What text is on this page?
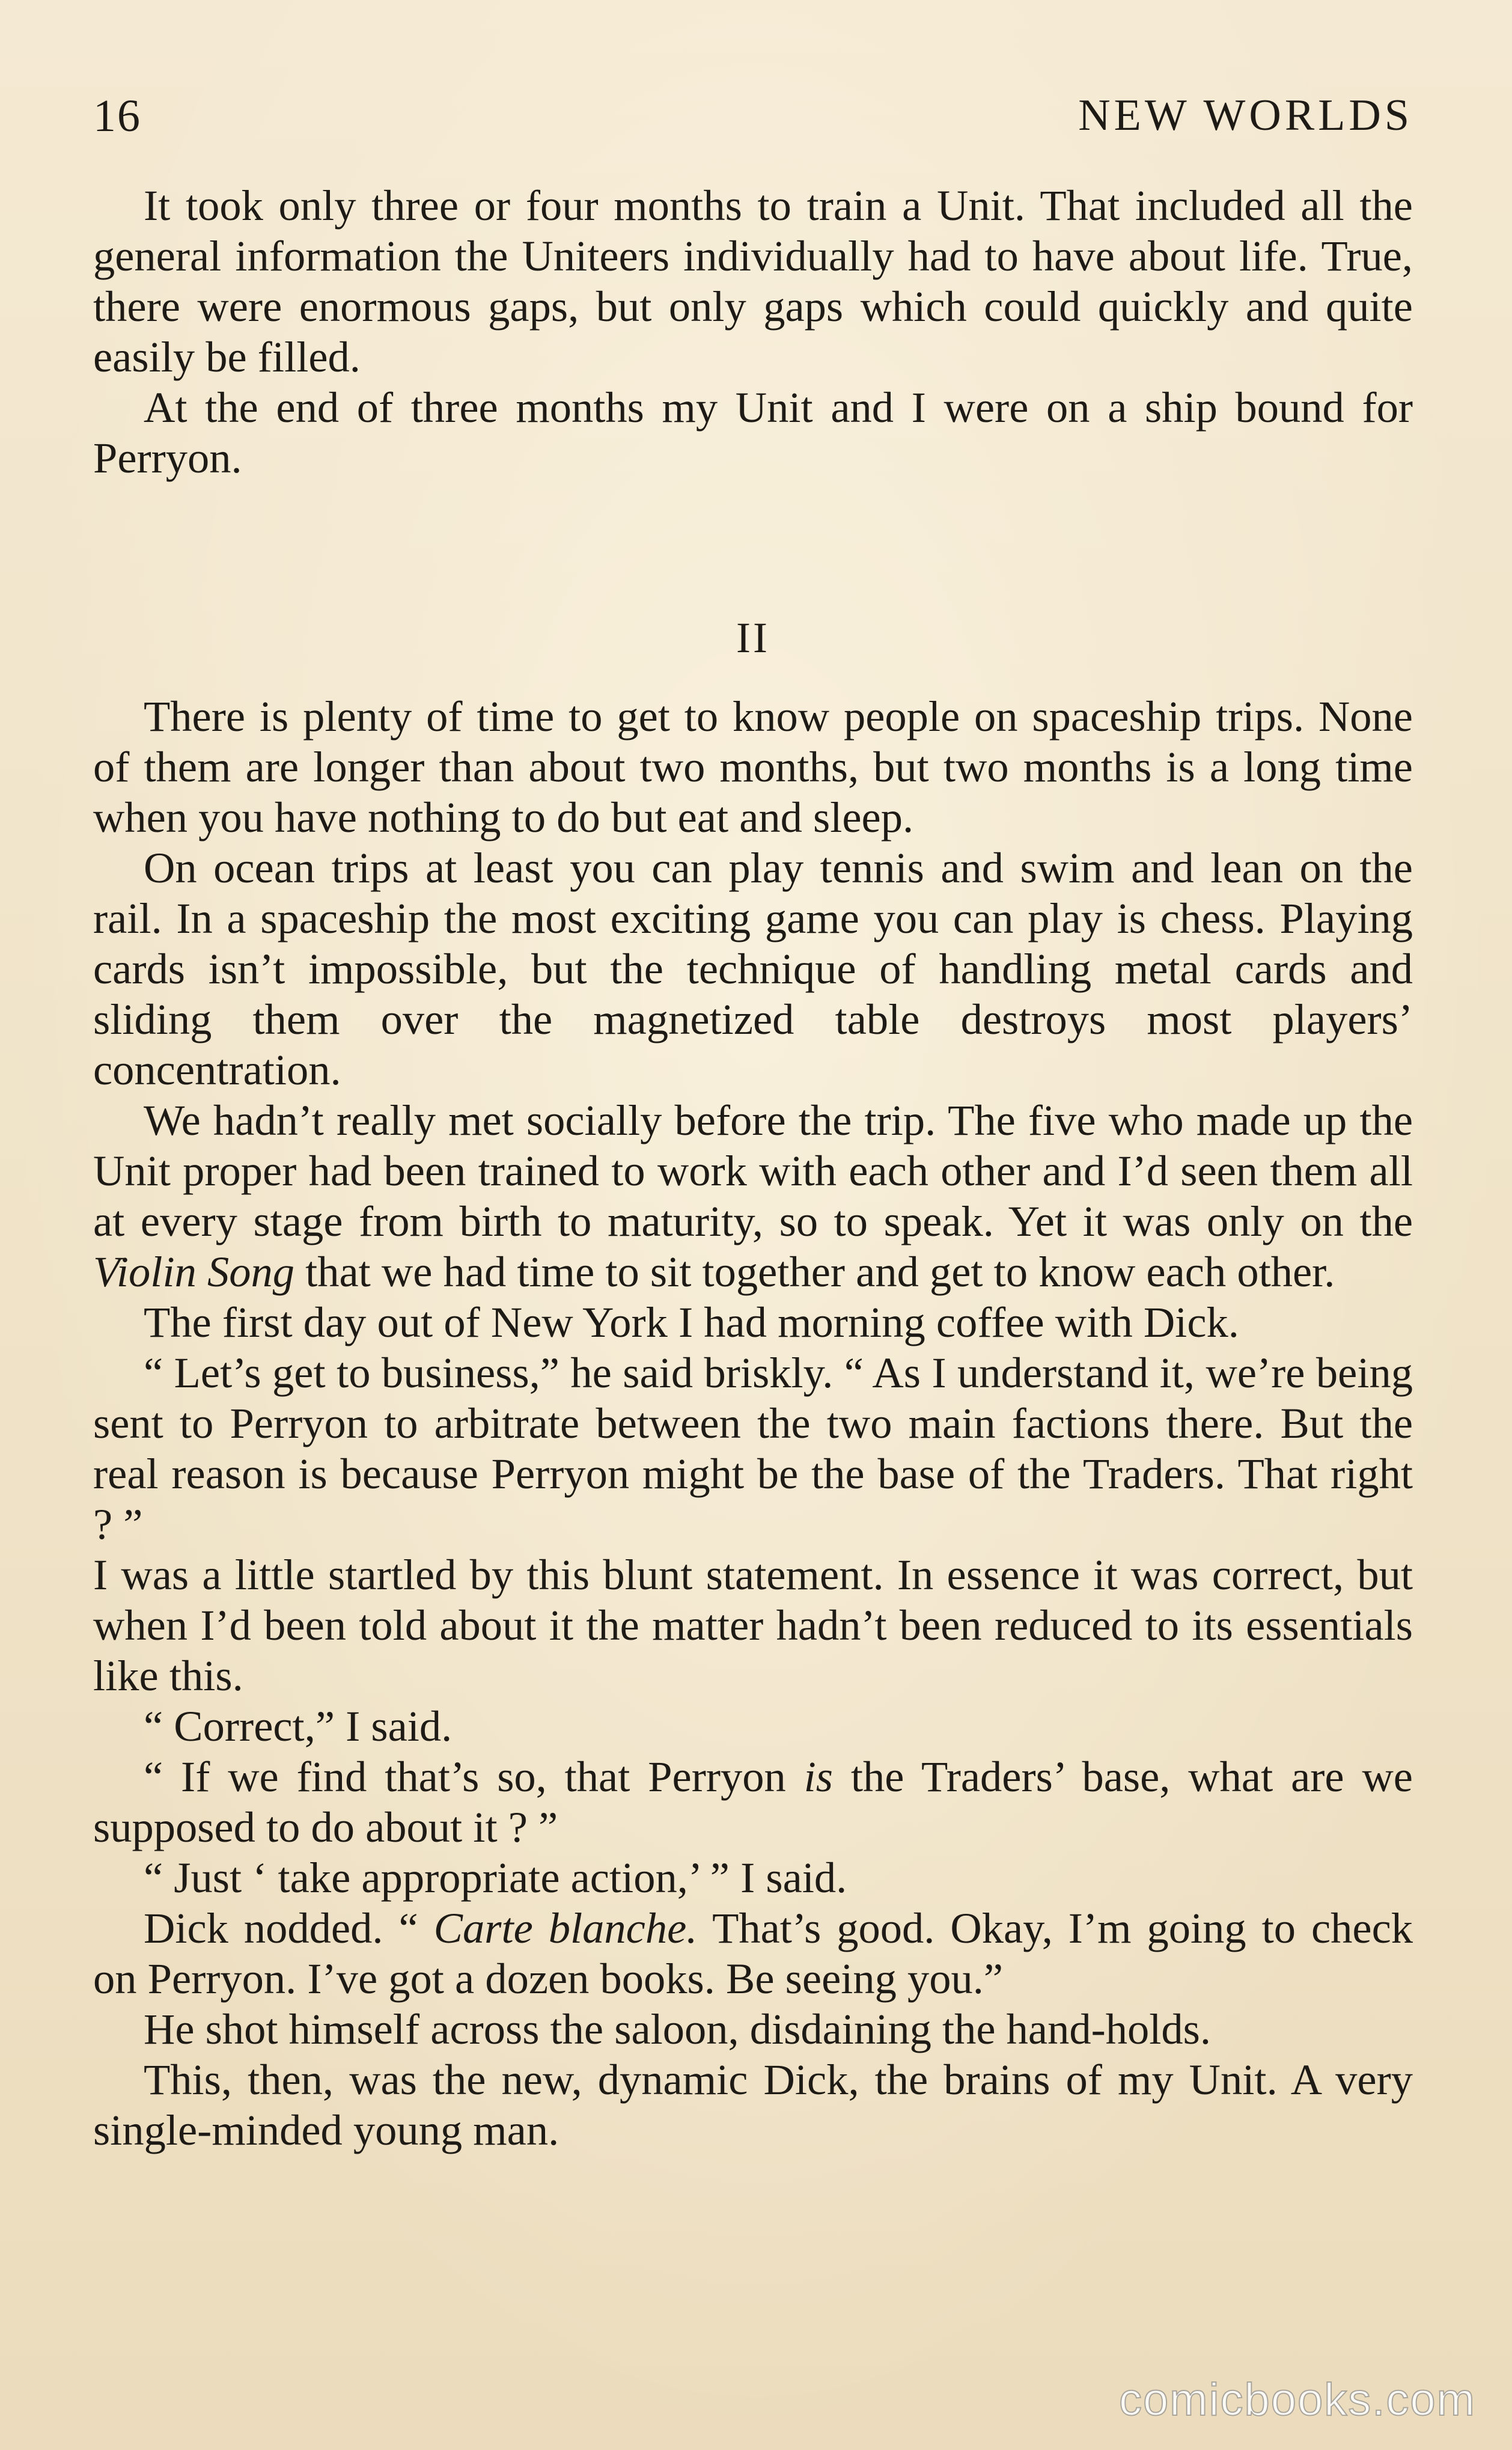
16	NEW WORLDS

It took only three or four months to train a Unit. That included all the general information the Uniteers individually had to have about life. True, there were enormous gaps, but only gaps which could quickly and quite easily be filled.

At the end of three months my Unit and I were on a ship bound for Perryon.

II

There is plenty of time to get to know people on spaceship trips. None of them are longer than about two months, but two months is a long time when you have nothing to do but eat and sleep.

On ocean trips at least you can play tennis and swim and lean on the rail. In a spaceship the most exciting game you can play is chess. Playing cards isn’t impossible, but the technique of handling metal cards and sliding them over the magnetized table destroys most players’ concentration.

We hadn’t really met socially before the trip. The five who made up the Unit proper had been trained to work with each other and I’d seen them all at every stage from birth to maturity, so to speak. Yet it was only on the Violin Song that we had time to sit together and get to know each other.

The first day out of New York I had morning coffee with Dick.

“ Let’s get to business,” he said briskly. “ As I understand it, we’re being sent to Perryon to arbitrate between the two main factions there. But the real reason is because Perryon might be the base of the Traders. That right ? ”

I was a little startled by this blunt statement. In essence it was correct, but when I’d been told about it the matter hadn’t been reduced to its essentials like this.

“ Correct,” I said.

“ If we find that’s so, that Perryon is the Traders’ base, what are we supposed to do about it ? ”

“ Just ‘ take appropriate action,’ ” I said.

Dick nodded. “ Carte blanche. That’s good. Okay, I’m going to check on Perryon. I’ve got a dozen books. Be seeing you.”

He shot himself across the saloon, disdaining the hand-holds.

This, then, was the new, dynamic Dick, the brains of my Unit. A very single-minded young man.

comicbooks.com
